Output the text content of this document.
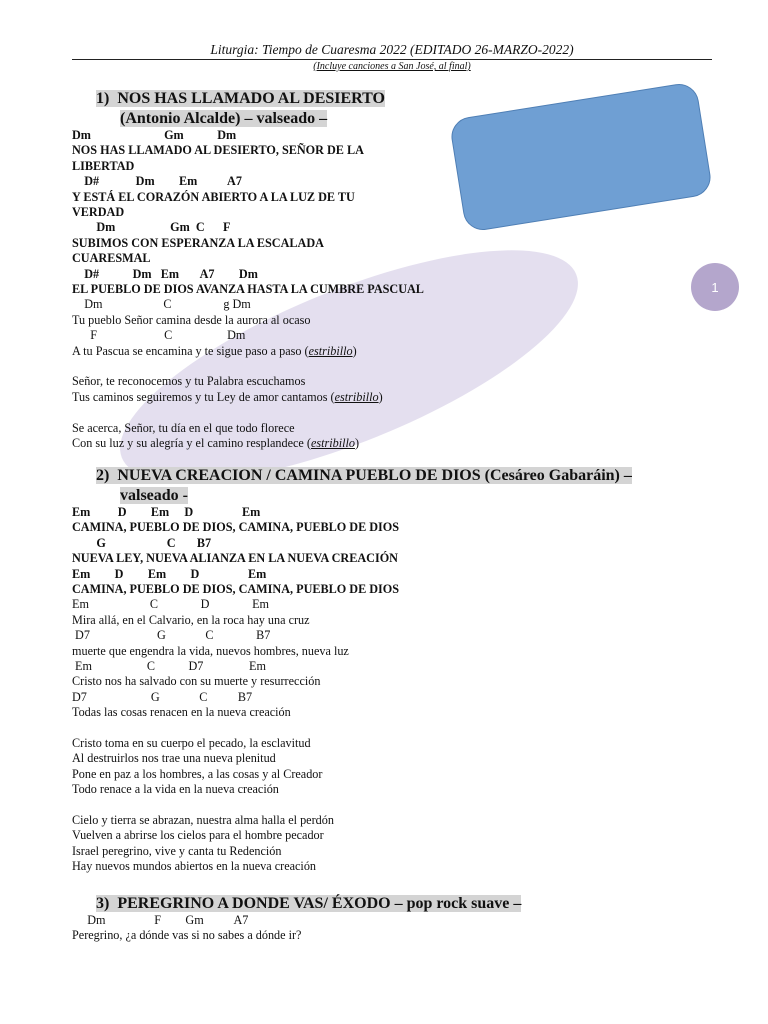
Liturgia: Tiempo de Cuaresma 2022 (EDITADO 26-MARZO-2022)
(Incluye canciones a San José, al final)
1
1)  NOS HAS LLAMADO AL DESIERTO
(Antonio Alcalde) – valseado –
Dm                        Gm           Dm
NOS HAS LLAMADO AL DESIERTO, SEÑOR DE LA
LIBERTAD
D#            Dm        Em          A7
Y ESTÁ EL CORAZÓN ABIERTO A LA LUZ DE TU
VERDAD
Dm                  Gm  C      F
SUBIMOS CON ESPERANZA LA ESCALADA
CUARESMAL
D#           Dm   Em       A7        Dm
EL PUEBLO DE DIOS AVANZA HASTA LA CUMBRE PASCUAL
Dm                    C                 g Dm
Tu pueblo Señor camina desde la aurora al ocaso
F                      C                  Dm
A tu Pascua se encamina y te sigue paso a paso (estribillo)
Señor, te reconocemos y tu Palabra escuchamos
Tus caminos seguiremos y tu Ley de amor cantamos (estribillo)
Se acerca, Señor, tu día en el que todo florece
Con su luz y su alegría y el camino resplandece (estribillo)
2)  NUEVA CREACION / CAMINA PUEBLO DE DIOS (Cesáreo Gabaráin) –
valseado -
Em         D        Em     D                Em
CAMINA, PUEBLO DE DIOS, CAMINA, PUEBLO DE DIOS
G                    C       B7
NUEVA LEY, NUEVA ALIANZA EN LA NUEVA CREACIÓN
Em        D        Em        D                Em
CAMINA, PUEBLO DE DIOS, CAMINA, PUEBLO DE DIOS
Em                    C              D              Em
Mira allá, en el Calvario, en la roca hay una cruz
D7                      G             C              B7
muerte que engendra la vida, nuevos hombres, nueva luz
Em                  C           D7               Em
Cristo nos ha salvado con su muerte y resurrección
D7                     G             C          B7
Todas las cosas renacen en la nueva creación
Cristo toma en su cuerpo el pecado, la esclavitud
Al destruirlos nos trae una nueva plenitud
Pone en paz a los hombres, a las cosas y al Creador
Todo renace a la vida en la nueva creación
Cielo y tierra se abrazan, nuestra alma halla el perdón
Vuelven a abrirse los cielos para el hombre pecador
Israel peregrino, vive y canta tu Redención
Hay nuevos mundos abiertos en la nueva creación
3)  PEREGRINO A DONDE VAS/ ÉXODO – pop rock suave –
Dm                F        Gm          A7
Peregrino, ¿a dónde vas si no sabes a dónde ir?
